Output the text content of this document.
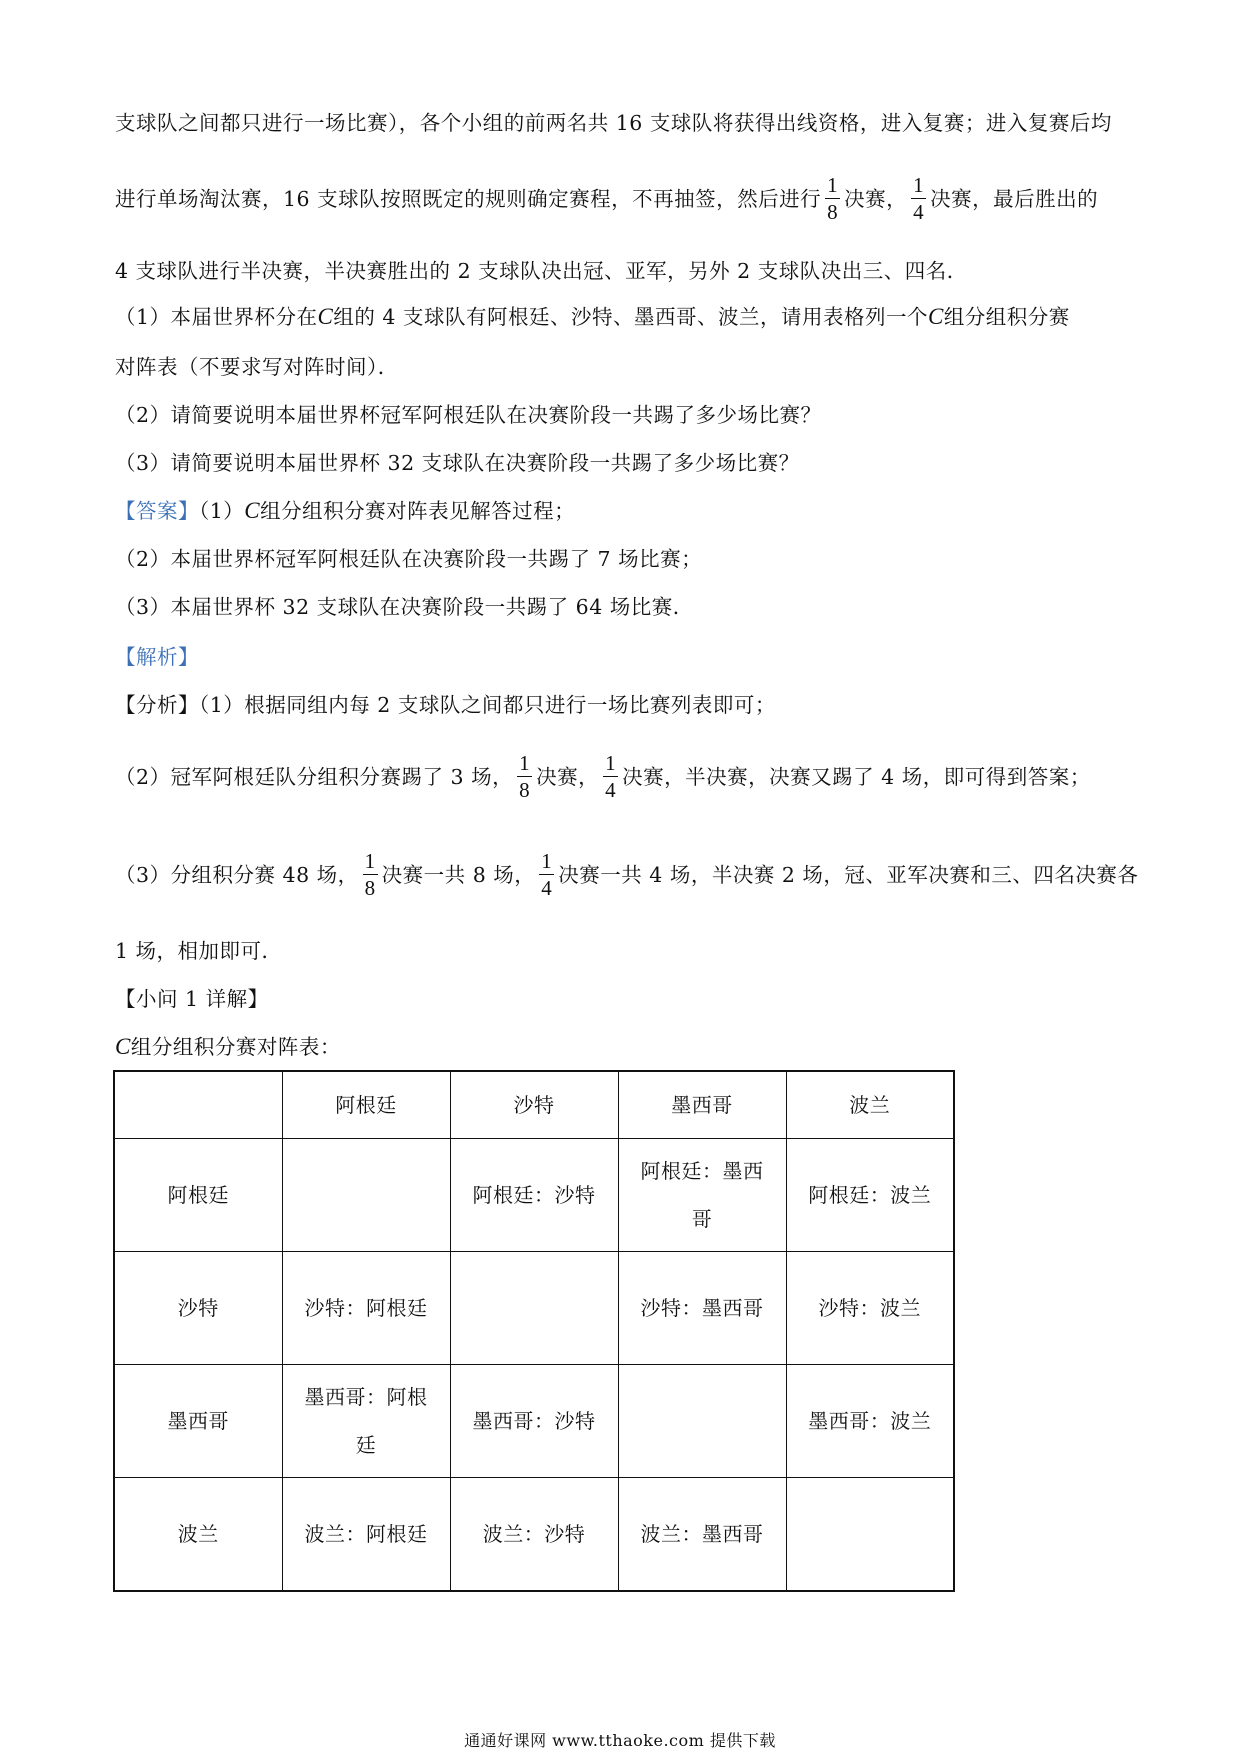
支球队之间都只进行一场比赛），各个小组的前两名共 16 支球队将获得出线资格，进入复赛；进入复赛后均
进行单场淘汰赛，16 支球队按照既定的规则确定赛程，不再抽签，然后进行 $\frac{1}{8}$ 决赛， $\frac{1}{4}$ 决赛，最后胜出的
4 支球队进行半决赛，半决赛胜出的 2 支球队决出冠、亚军，另外 2 支球队决出三、四名．
（1）本届世界杯分在C组的 4 支球队有阿根廷、沙特、墨西哥、波兰，请用表格列一个C组分组积分赛
对阵表（不要求写对阵时间）．
（2）请简要说明本届世界杯冠军阿根廷队在决赛阶段一共踢了多少场比赛？
（3）请简要说明本届世界杯 32 支球队在决赛阶段一共踢了多少场比赛？
【答案】（1）C组分组积分赛对阵表见解答过程；
（2）本届世界杯冠军阿根廷队在决赛阶段一共踢了 7 场比赛；
（3）本届世界杯 32 支球队在决赛阶段一共踢了 64 场比赛．
【解析】
【分析】（1）根据同组内每 2 支球队之间都只进行一场比赛列表即可；
（2）冠军阿根廷队分组积分赛踢了 3 场， $\frac{1}{8}$ 决赛， $\frac{1}{4}$ 决赛，半决赛，决赛又踢了 4 场，即可得到答案；
（3）分组积分赛 48 场， $\frac{1}{8}$ 决赛一共 8 场， $\frac{1}{4}$ 决赛一共 4 场，半决赛 2 场，冠、亚军决赛和三、四名决赛各
1 场，相加即可．
【小问 1 详解】
C组分组积分赛对阵表：
	阿根廷	沙特	墨西哥	波兰
阿根廷		阿根廷：沙特	阿根廷：墨西哥	阿根廷：波兰
沙特	沙特：阿根廷		沙特：墨西哥	沙特：波兰
墨西哥	墨西哥：阿根廷	墨西哥：沙特		墨西哥：波兰
波兰	波兰：阿根廷	波兰：沙特	波兰：墨西哥	
通通好课网 www.tthaoke.com 提供下载
